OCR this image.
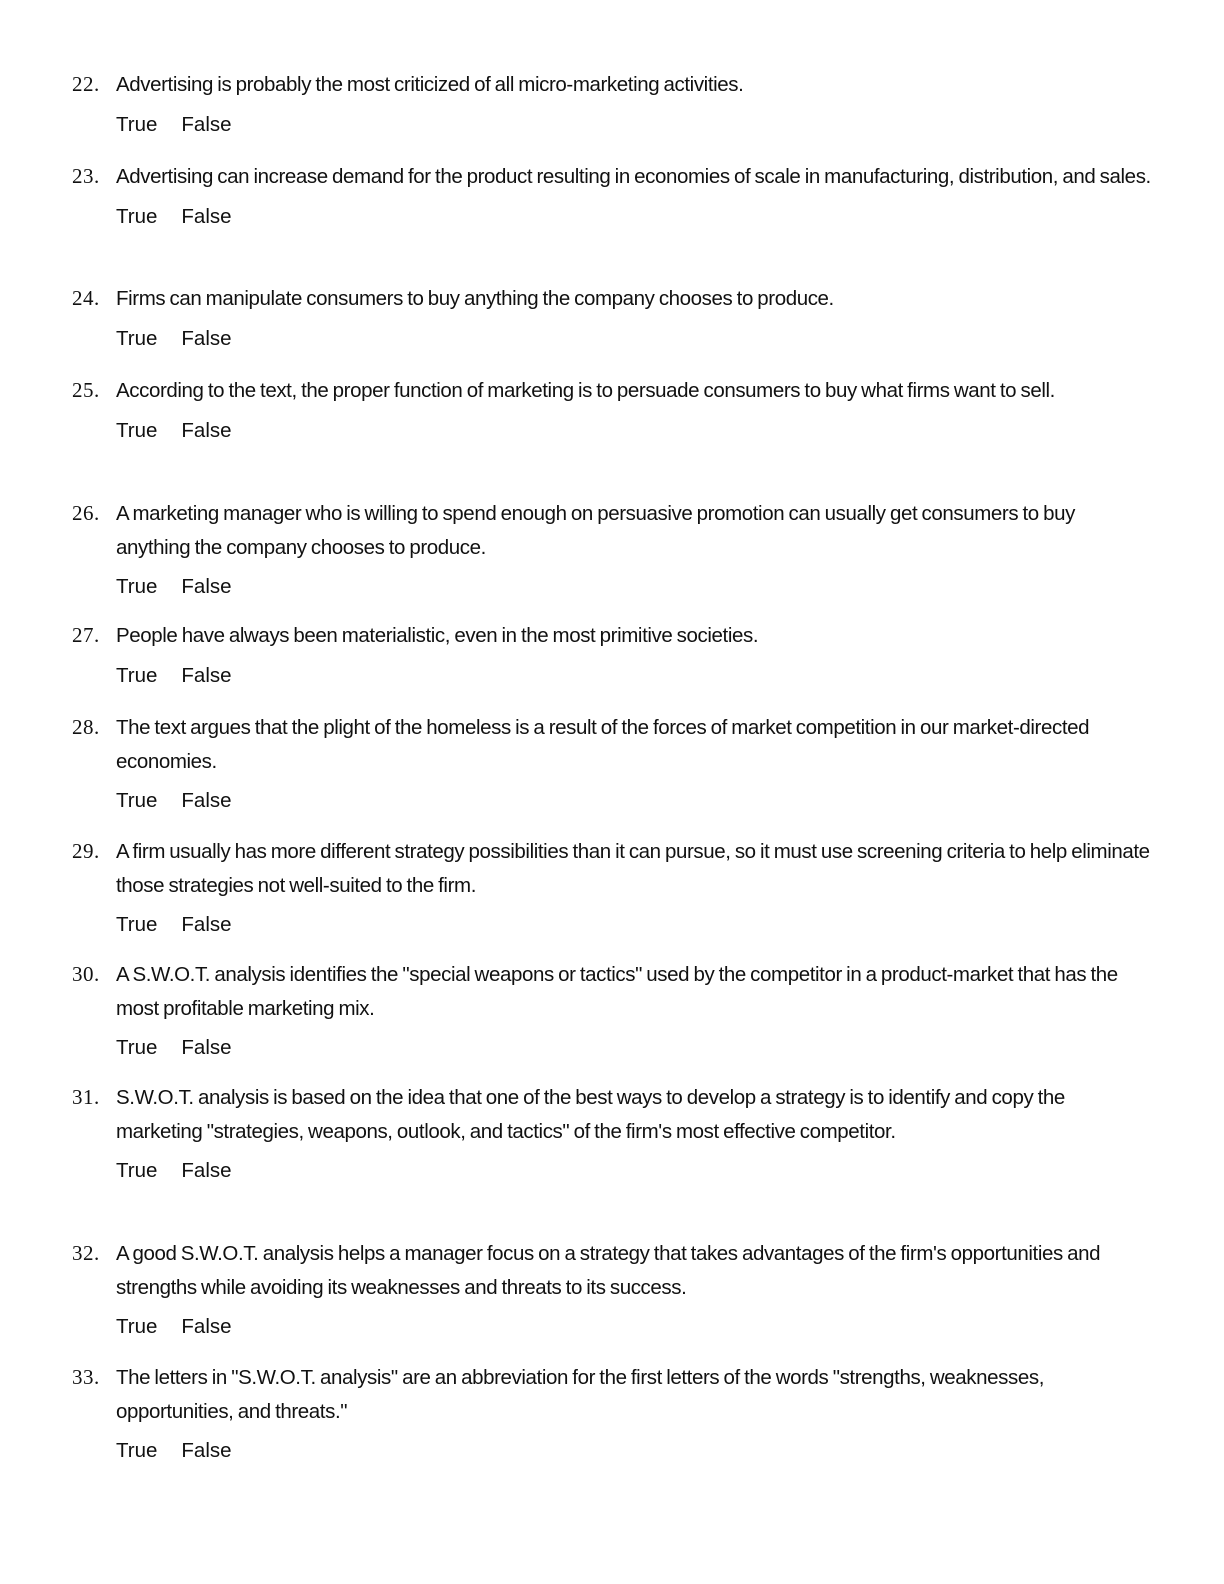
22. Advertising is probably the most criticized of all micro-marketing activities.
True False
23. Advertising can increase demand for the product resulting in economies of scale in manufacturing, distribution, and sales.
True False
24. Firms can manipulate consumers to buy anything the company chooses to produce.
True False
25. According to the text, the proper function of marketing is to persuade consumers to buy what firms want to sell.
True False
26. A marketing manager who is willing to spend enough on persuasive promotion can usually get consumers to buy anything the company chooses to produce.
True False
27. People have always been materialistic, even in the most primitive societies.
True False
28. The text argues that the plight of the homeless is a result of the forces of market competition in our market-directed economies.
True False
29. A firm usually has more different strategy possibilities than it can pursue, so it must use screening criteria to help eliminate those strategies not well-suited to the firm.
True False
30. A S.W.O.T. analysis identifies the "special weapons or tactics" used by the competitor in a product-market that has the most profitable marketing mix.
True False
31. S.W.O.T. analysis is based on the idea that one of the best ways to develop a strategy is to identify and copy the marketing "strategies, weapons, outlook, and tactics" of the firm's most effective competitor.
True False
32. A good S.W.O.T. analysis helps a manager focus on a strategy that takes advantages of the firm's opportunities and strengths while avoiding its weaknesses and threats to its success.
True False
33. The letters in "S.W.O.T. analysis" are an abbreviation for the first letters of the words "strengths, weaknesses, opportunities, and threats."
True False
